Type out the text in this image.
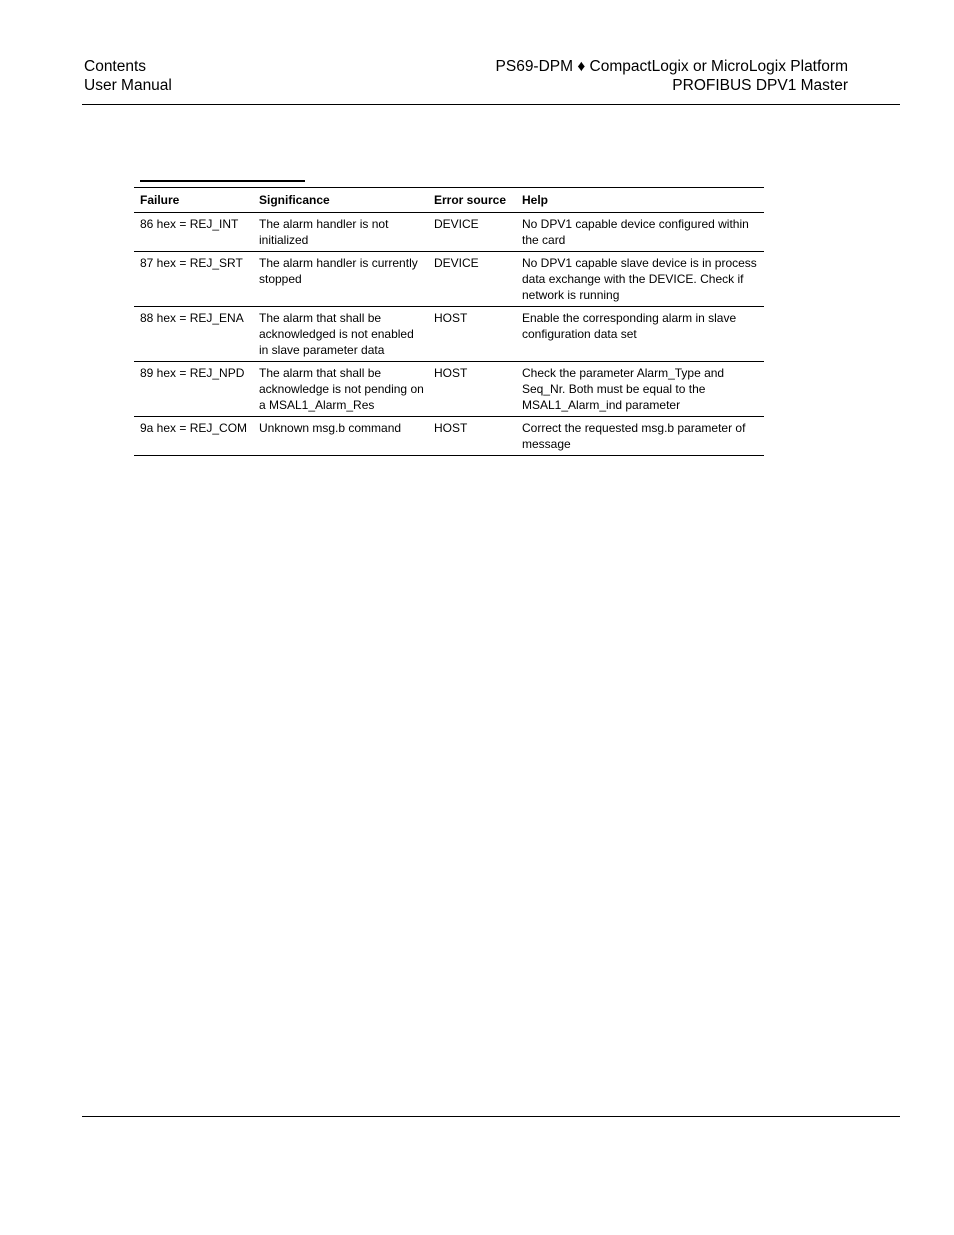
Contents
User Manual
PS69-DPM ♦ CompactLogix or MicroLogix Platform
PROFIBUS DPV1 Master
Failure	Significance	Error source	Help
86 hex = REJ_INT	The alarm handler is not initialized	DEVICE	No DPV1 capable device configured within the card
87 hex = REJ_SRT	The alarm handler is currently stopped	DEVICE	No DPV1 capable slave device is in process data exchange with the DEVICE. Check if network is running
88 hex = REJ_ENA	The alarm that shall be acknowledged is not enabled in slave parameter data	HOST	Enable the corresponding alarm in slave configuration data set
89 hex = REJ_NPD	The alarm that shall be acknowledge is not pending on a MSAL1_Alarm_Res	HOST	Check the parameter Alarm_Type and Seq_Nr. Both must be equal to the MSAL1_Alarm_ind parameter
9a hex = REJ_COM	Unknown msg.b command	HOST	Correct the requested msg.b parameter of message
